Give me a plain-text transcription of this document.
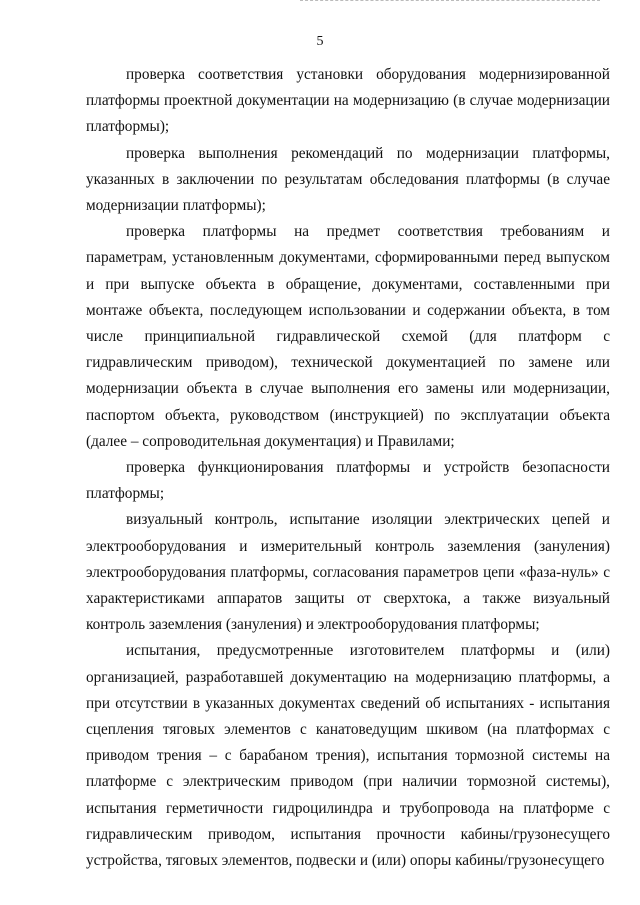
5

проверка соответствия установки оборудования модернизированной платформы проектной документации на модернизацию (в случае модернизации платформы);

проверка выполнения рекомендаций по модернизации платформы, указанных в заключении по результатам обследования платформы (в случае модернизации платформы);

проверка платформы на предмет соответствия требованиям и параметрам, установленным документами, сформированными перед выпуском и при выпуске объекта в обращение, документами, составленными при монтаже объекта, последующем использовании и содержании объекта, в том числе принципиальной гидравлической схемой (для платформ с гидравлическим приводом), технической документацией по замене или модернизации объекта в случае выполнения его замены или модернизации, паспортом объекта, руководством (инструкцией) по эксплуатации объекта (далее – сопроводительная документация) и Правилами;

проверка функционирования платформы и устройств безопасности платформы;

визуальный контроль, испытание изоляции электрических цепей и электрооборудования и измерительный контроль заземления (зануления) электрооборудования платформы, согласования параметров цепи «фаза-нуль» с характеристиками аппаратов защиты от сверхтока, а также визуальный контроль заземления (зануления) и электрооборудования платформы;

испытания, предусмотренные изготовителем платформы и (или) организацией, разработавшей документацию на модернизацию платформы, а при отсутствии в указанных документах сведений об испытаниях - испытания сцепления тяговых элементов с канатоведущим шкивом (на платформах с приводом трения – с барабаном трения), испытания тормозной системы на платформе с электрическим приводом (при наличии тормозной системы), испытания герметичности гидроцилиндра и трубопровода на платформе с гидравлическим приводом, испытания прочности кабины/грузонесущего устройства, тяговых элементов, подвески и (или) опоры кабины/грузонесущего
